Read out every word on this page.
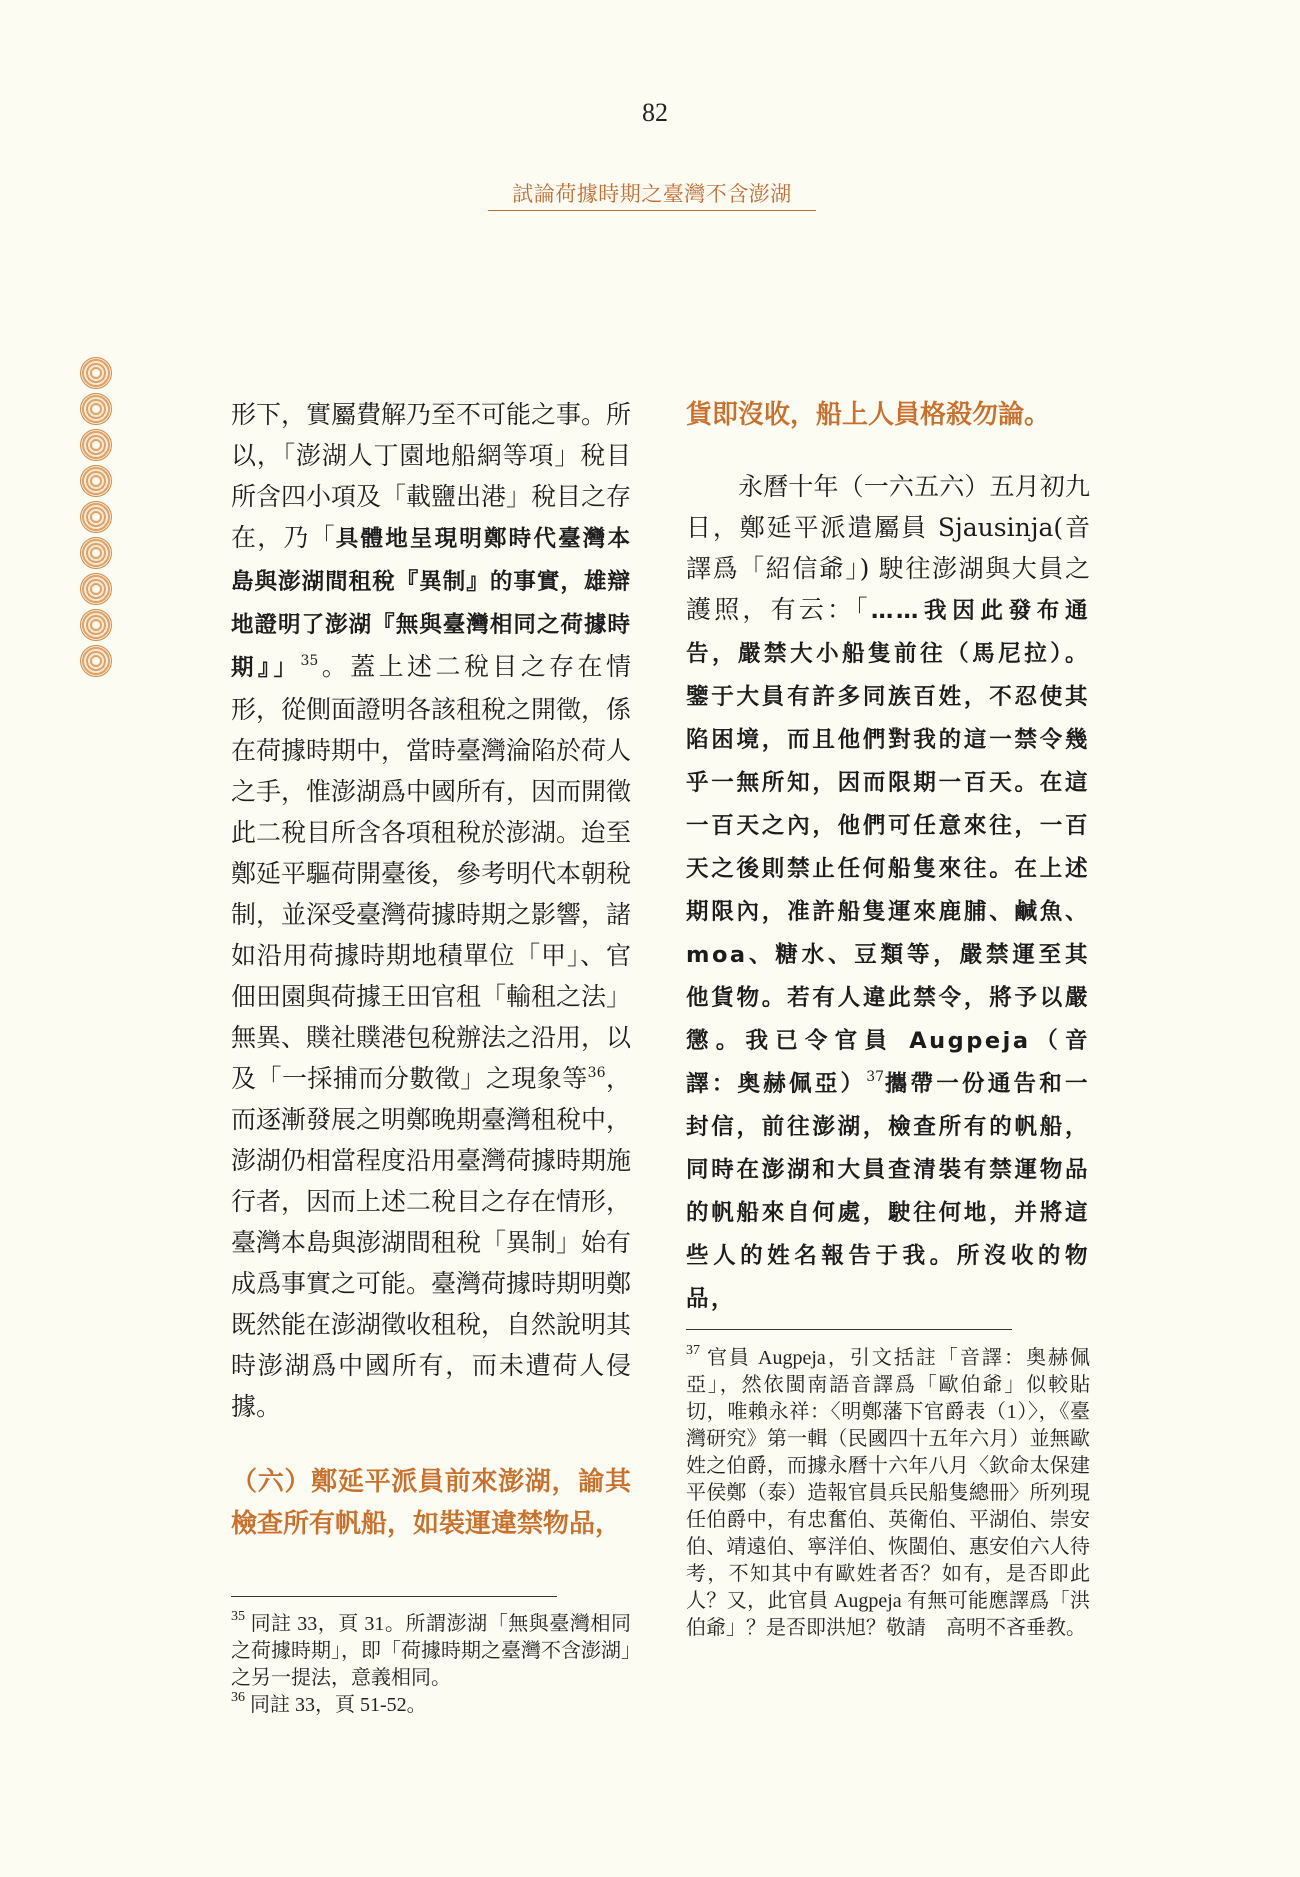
82
試論荷據時期之臺灣不含澎湖

形下，實屬費解乃至不可能之事。所以，「澎湖人丁園地船網等項」稅目所含四小項及「載鹽出港」稅目之存在，乃「具體地呈現明鄭時代臺灣本島與澎湖間租稅『異制』的事實，雄辯地證明了澎湖『無與臺灣相同之荷據時期』」$^{35}$。蓋上述二稅目之存在情形，從側面證明各該租稅之開徵，係在荷據時期中，當時臺灣淪陷於荷人之手，惟澎湖爲中國所有，因而開徵此二稅目所含各項租稅於澎湖。迨至鄭延平驅荷開臺後，參考明代本朝稅制，並深受臺灣荷據時期之影響，諸如沿用荷據時期地積單位「甲」、官佃田園與荷據王田官租「輸租之法」無異、贌社贌港包稅辦法之沿用，以及「一採捕而分數徵」之現象等$^{36}$，而逐漸發展之明鄭晚期臺灣租稅中，澎湖仍相當程度沿用臺灣荷據時期施行者，因而上述二稅目之存在情形，臺灣本島與澎湖間租稅「異制」始有成爲事實之可能。臺灣荷據時期明鄭既然能在澎湖徵收租稅，自然說明其時澎湖爲中國所有，而未遭荷人侵據。

（六）鄭延平派員前來澎湖，諭其檢查所有帆船，如裝運違禁物品，

$^{35}$ 同註 33，頁 31。所謂澎湖「無與臺灣相同之荷據時期」，即「荷據時期之臺灣不含澎湖」之另一提法，意義相同。

$^{36}$ 同註 33，頁 51-52。

貨即沒收，船上人員格殺勿論。

永曆十年（一六五六）五月初九日，鄭延平派遣屬員 Sjausinja(音譯爲「紹信爺」) 駛往澎湖與大員之護照，有云：「……我因此發布通告，嚴禁大小船隻前往（馬尼拉）。鑒于大員有許多同族百姓，不忍使其陷困境，而且他們對我的這一禁令幾乎一無所知，因而限期一百天。在這一百天之內，他們可任意來往，一百天之後則禁止任何船隻來往。在上述期限內，准許船隻運來鹿脯、鹹魚、moa、糖水、豆類等，嚴禁運至其他貨物。若有人違此禁令，將予以嚴懲。我已令官員 Augpeja（音譯：奥赫佩亞）$^{37}$攜帶一份通告和一封信，前往澎湖，檢查所有的帆船，同時在澎湖和大員查清裝有禁運物品的帆船來自何處，駛往何地，并將這些人的姓名報告于我。所沒收的物品，

$^{37}$ 官員 Augpeja，引文括註「音譯：奥赫佩亞」，然依閩南語音譯爲「歐伯爺」似較貼切，唯賴永祥：〈明鄭藩下官爵表（1）〉，《臺灣研究》第一輯（民國四十五年六月）並無歐姓之伯爵，而據永曆十六年八月〈欽命太保建平侯鄭（泰）造報官員兵民船隻總冊〉所列現任伯爵中，有忠奮伯、英衛伯、平湖伯、崇安伯、靖遠伯、寧洋伯、恢閩伯、惠安伯六人待考，不知其中有歐姓者否？如有，是否即此人？又，此官員 Augpeja 有無可能應譯爲「洪伯爺」？是否即洪旭？敬請　高明不吝垂教。
